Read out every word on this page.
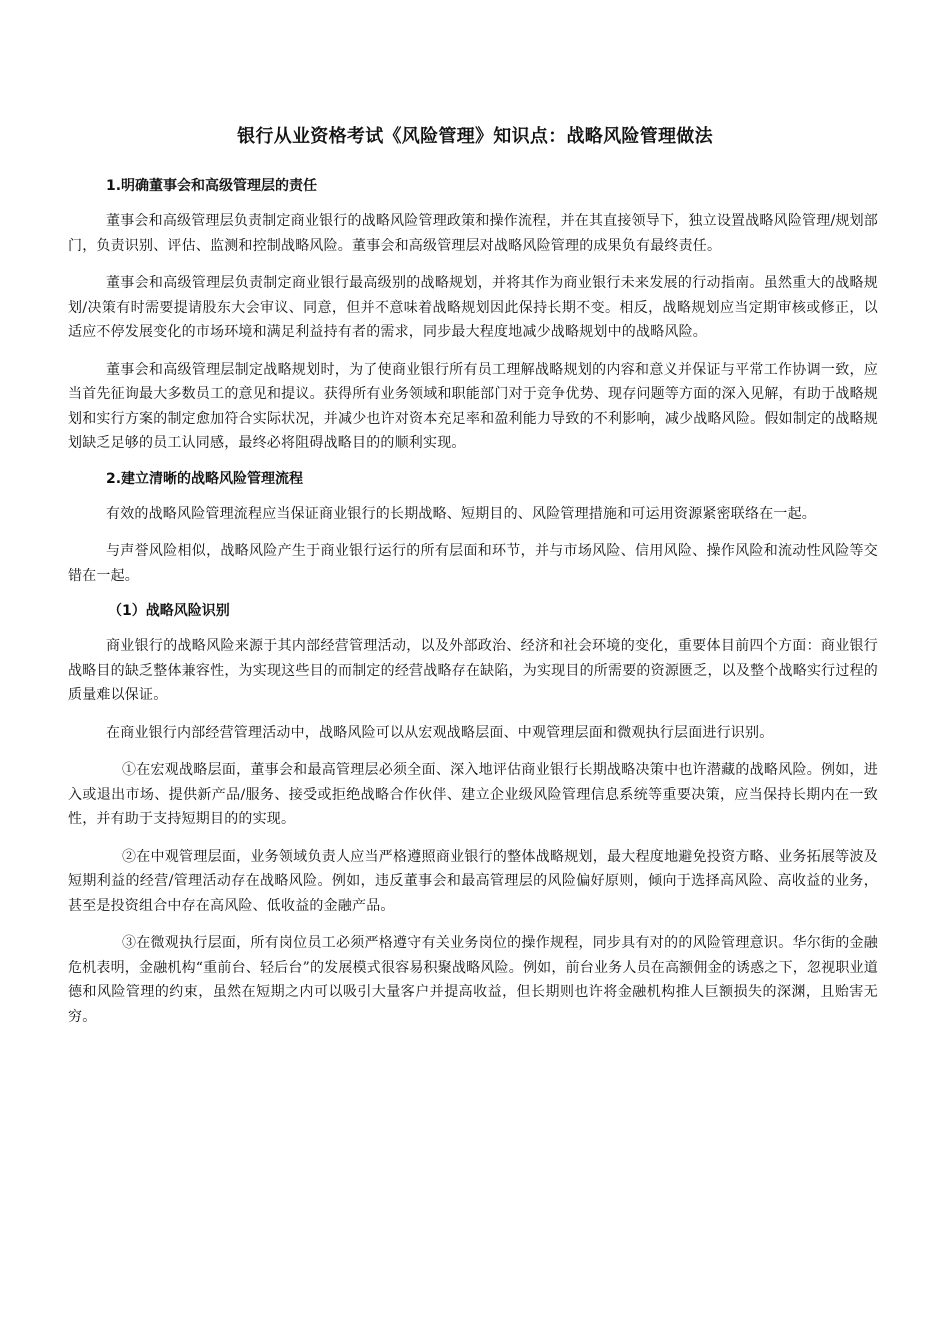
银行从业资格考试《风险管理》知识点：战略风险管理做法

1.明确董事会和高级管理层的责任

董事会和高级管理层负责制定商业银行的战略风险管理政策和操作流程，并在其直接领导下，独立设置战略风险管理/规划部门，负责识别、评估、监测和控制战略风险。董事会和高级管理层对战略风险管理的成果负有最终责任。

董事会和高级管理层负责制定商业银行最高级别的战略规划，并将其作为商业银行未来发展的行动指南。虽然重大的战略规划/决策有时需要提请股东大会审议、同意，但并不意味着战略规划因此保持长期不变。相反，战略规划应当定期审核或修正，以适应不停发展变化的市场环境和满足利益持有者的需求，同步最大程度地减少战略规划中的战略风险。

董事会和高级管理层制定战略规划时，为了使商业银行所有员工理解战略规划的内容和意义并保证与平常工作协调一致，应当首先征询最大多数员工的意见和提议。获得所有业务领域和职能部门对于竞争优势、现存问题等方面的深入见解，有助于战略规划和实行方案的制定愈加符合实际状况，并减少也许对资本充足率和盈利能力导致的不利影响，减少战略风险。假如制定的战略规划缺乏足够的员工认同感，最终必将阻碍战略目的的顺利实现。

2.建立清晰的战略风险管理流程

有效的战略风险管理流程应当保证商业银行的长期战略、短期目的、风险管理措施和可运用资源紧密联络在一起。

与声誉风险相似，战略风险产生于商业银行运行的所有层面和环节，并与市场风险、信用风险、操作风险和流动性风险等交错在一起。

（1）战略风险识别

商业银行的战略风险来源于其内部经营管理活动，以及外部政治、经济和社会环境的变化，重要体目前四个方面：商业银行战略目的缺乏整体兼容性，为实现这些目的而制定的经营战略存在缺陷，为实现目的所需要的资源匮乏，以及整个战略实行过程的质量难以保证。

在商业银行内部经营管理活动中，战略风险可以从宏观战略层面、中观管理层面和微观执行层面进行识别。

①在宏观战略层面，董事会和最高管理层必须全面、深入地评估商业银行长期战略决策中也许潜藏的战略风险。例如，进入或退出市场、提供新产品/服务、接受或拒绝战略合作伙伴、建立企业级风险管理信息系统等重要决策，应当保持长期内在一致性，并有助于支持短期目的的实现。

②在中观管理层面，业务领域负责人应当严格遵照商业银行的整体战略规划，最大程度地避免投资方略、业务拓展等波及短期利益的经营/管理活动存在战略风险。例如，违反董事会和最高管理层的风险偏好原则，倾向于选择高风险、高收益的业务，甚至是投资组合中存在高风险、低收益的金融产品。

③在微观执行层面，所有岗位员工必须严格遵守有关业务岗位的操作规程，同步具有对的的风险管理意识。华尔街的金融危机表明，金融机构“重前台、轻后台”的发展模式很容易积聚战略风险。例如，前台业务人员在高额佣金的诱惑之下，忽视职业道德和风险管理的约束，虽然在短期之内可以吸引大量客户并提高收益，但长期则也许将金融机构推人巨额损失的深渊，且贻害无穷。
